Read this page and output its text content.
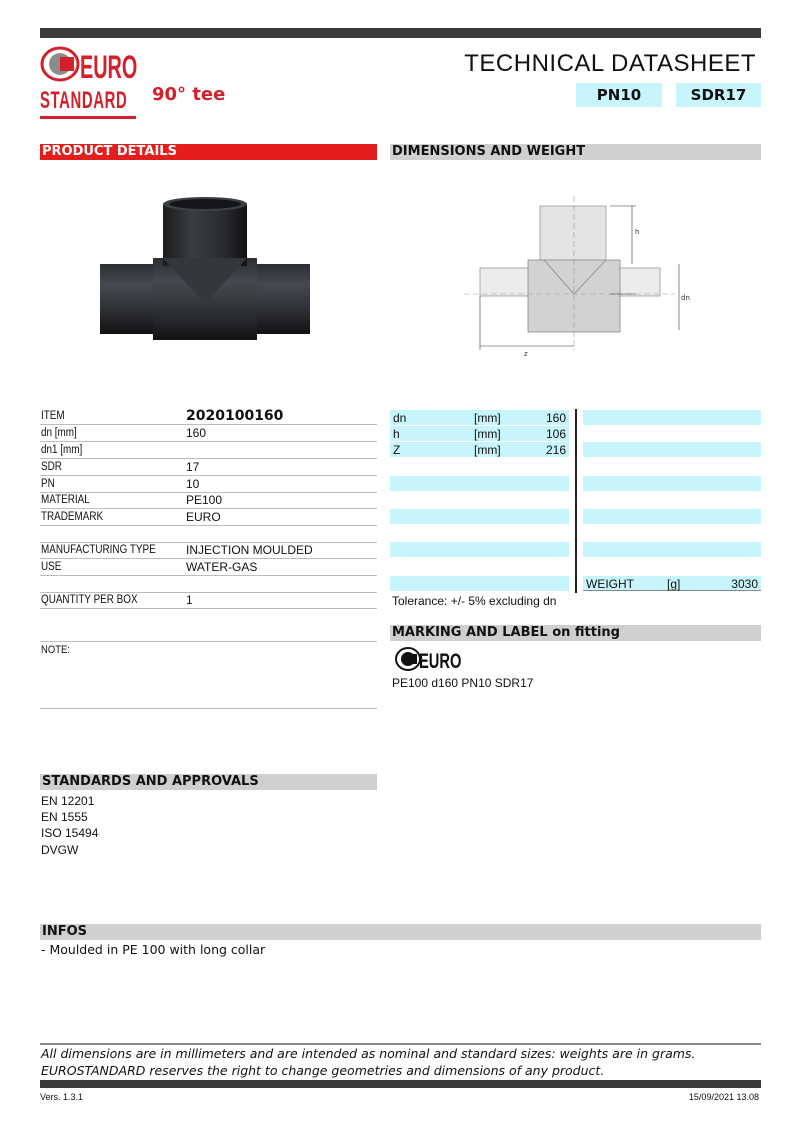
EURO
STANDARD 90° tee
TECHNICAL DATASHEET
PN10	SDR17
PRODUCT DETAILS	DIMENSIONS AND WEIGHT
h
dn
z
ITEM	2020100160
dn [mm]	160
dn1 [mm]
SDR	17
PN	10
MATERIAL	PE100
TRADEMARK	EURO
MANUFACTURING TYPE	INJECTION MOULDED
USE	WATER-GAS
QUANTITY PER BOX	1
NOTE:
dn	[mm]	160
h	[mm]	106
Z	[mm]	216
WEIGHT	[g]	3030
Tolerance: +/- 5% excluding dn
MARKING AND LABEL on fitting
EURO
PE100 d160 PN10 SDR17
STANDARDS AND APPROVALS
EN 12201
EN 1555
ISO 15494
DVGW
INFOS
- Moulded in PE 100 with long collar
All dimensions are in millimeters and are intended as nominal and standard sizes: weights are in grams.
EUROSTANDARD reserves the right to change geometries and dimensions of any product.
Vers. 1.3.1	15/09/2021 13.08
